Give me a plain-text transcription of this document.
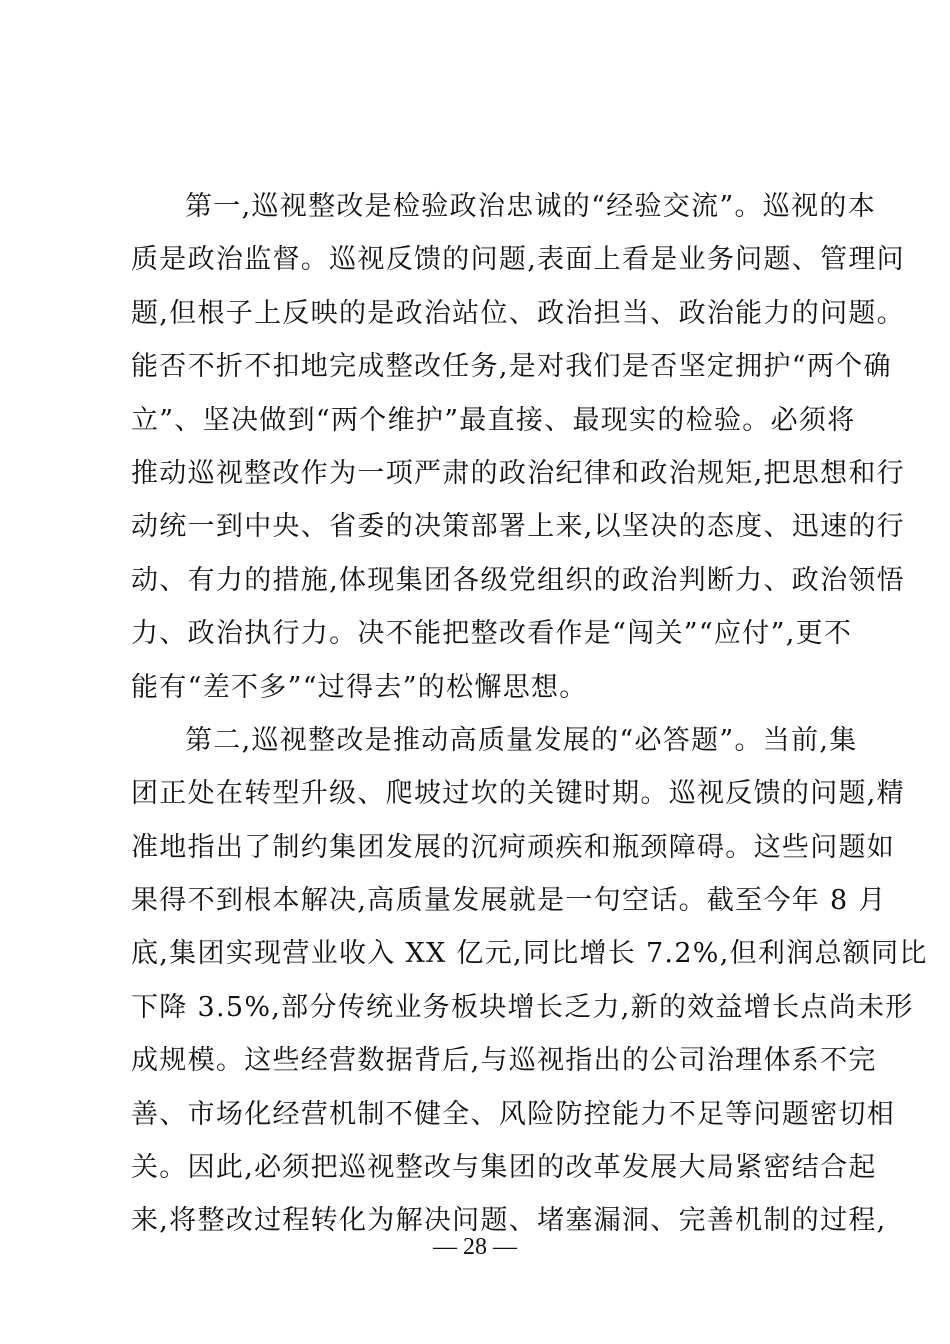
第一,巡视整改是检验政治忠诚的“经验交流”。巡视的本
质是政治监督。巡视反馈的问题,表面上看是业务问题、管理问
题,但根子上反映的是政治站位、政治担当、政治能力的问题。
能否不折不扣地完成整改任务,是对我们是否坚定拥护“两个确
立”、坚决做到“两个维护”最直接、最现实的检验。必须将
推动巡视整改作为一项严肃的政治纪律和政治规矩,把思想和行
动统一到中央、省委的决策部署上来,以坚决的态度、迅速的行
动、有力的措施,体现集团各级党组织的政治判断力、政治领悟
力、政治执行力。决不能把整改看作是“闯关”“应付”,更不
能有“差不多”“过得去”的松懈思想。
第二,巡视整改是推动高质量发展的“必答题”。当前,集
团正处在转型升级、爬坡过坎的关键时期。巡视反馈的问题,精
准地指出了制约集团发展的沉疴顽疾和瓶颈障碍。这些问题如
果得不到根本解决,高质量发展就是一句空话。截至今年 8 月
底,集团实现营业收入 XX 亿元,同比增长 7.2%,但利润总额同比
下降 3.5%,部分传统业务板块增长乏力,新的效益增长点尚未形
成规模。这些经营数据背后,与巡视指出的公司治理体系不完
善、市场化经营机制不健全、风险防控能力不足等问题密切相
关。因此,必须把巡视整改与集团的改革发展大局紧密结合起
来,将整改过程转化为解决问题、堵塞漏洞、完善机制的过程,
— 28 —
